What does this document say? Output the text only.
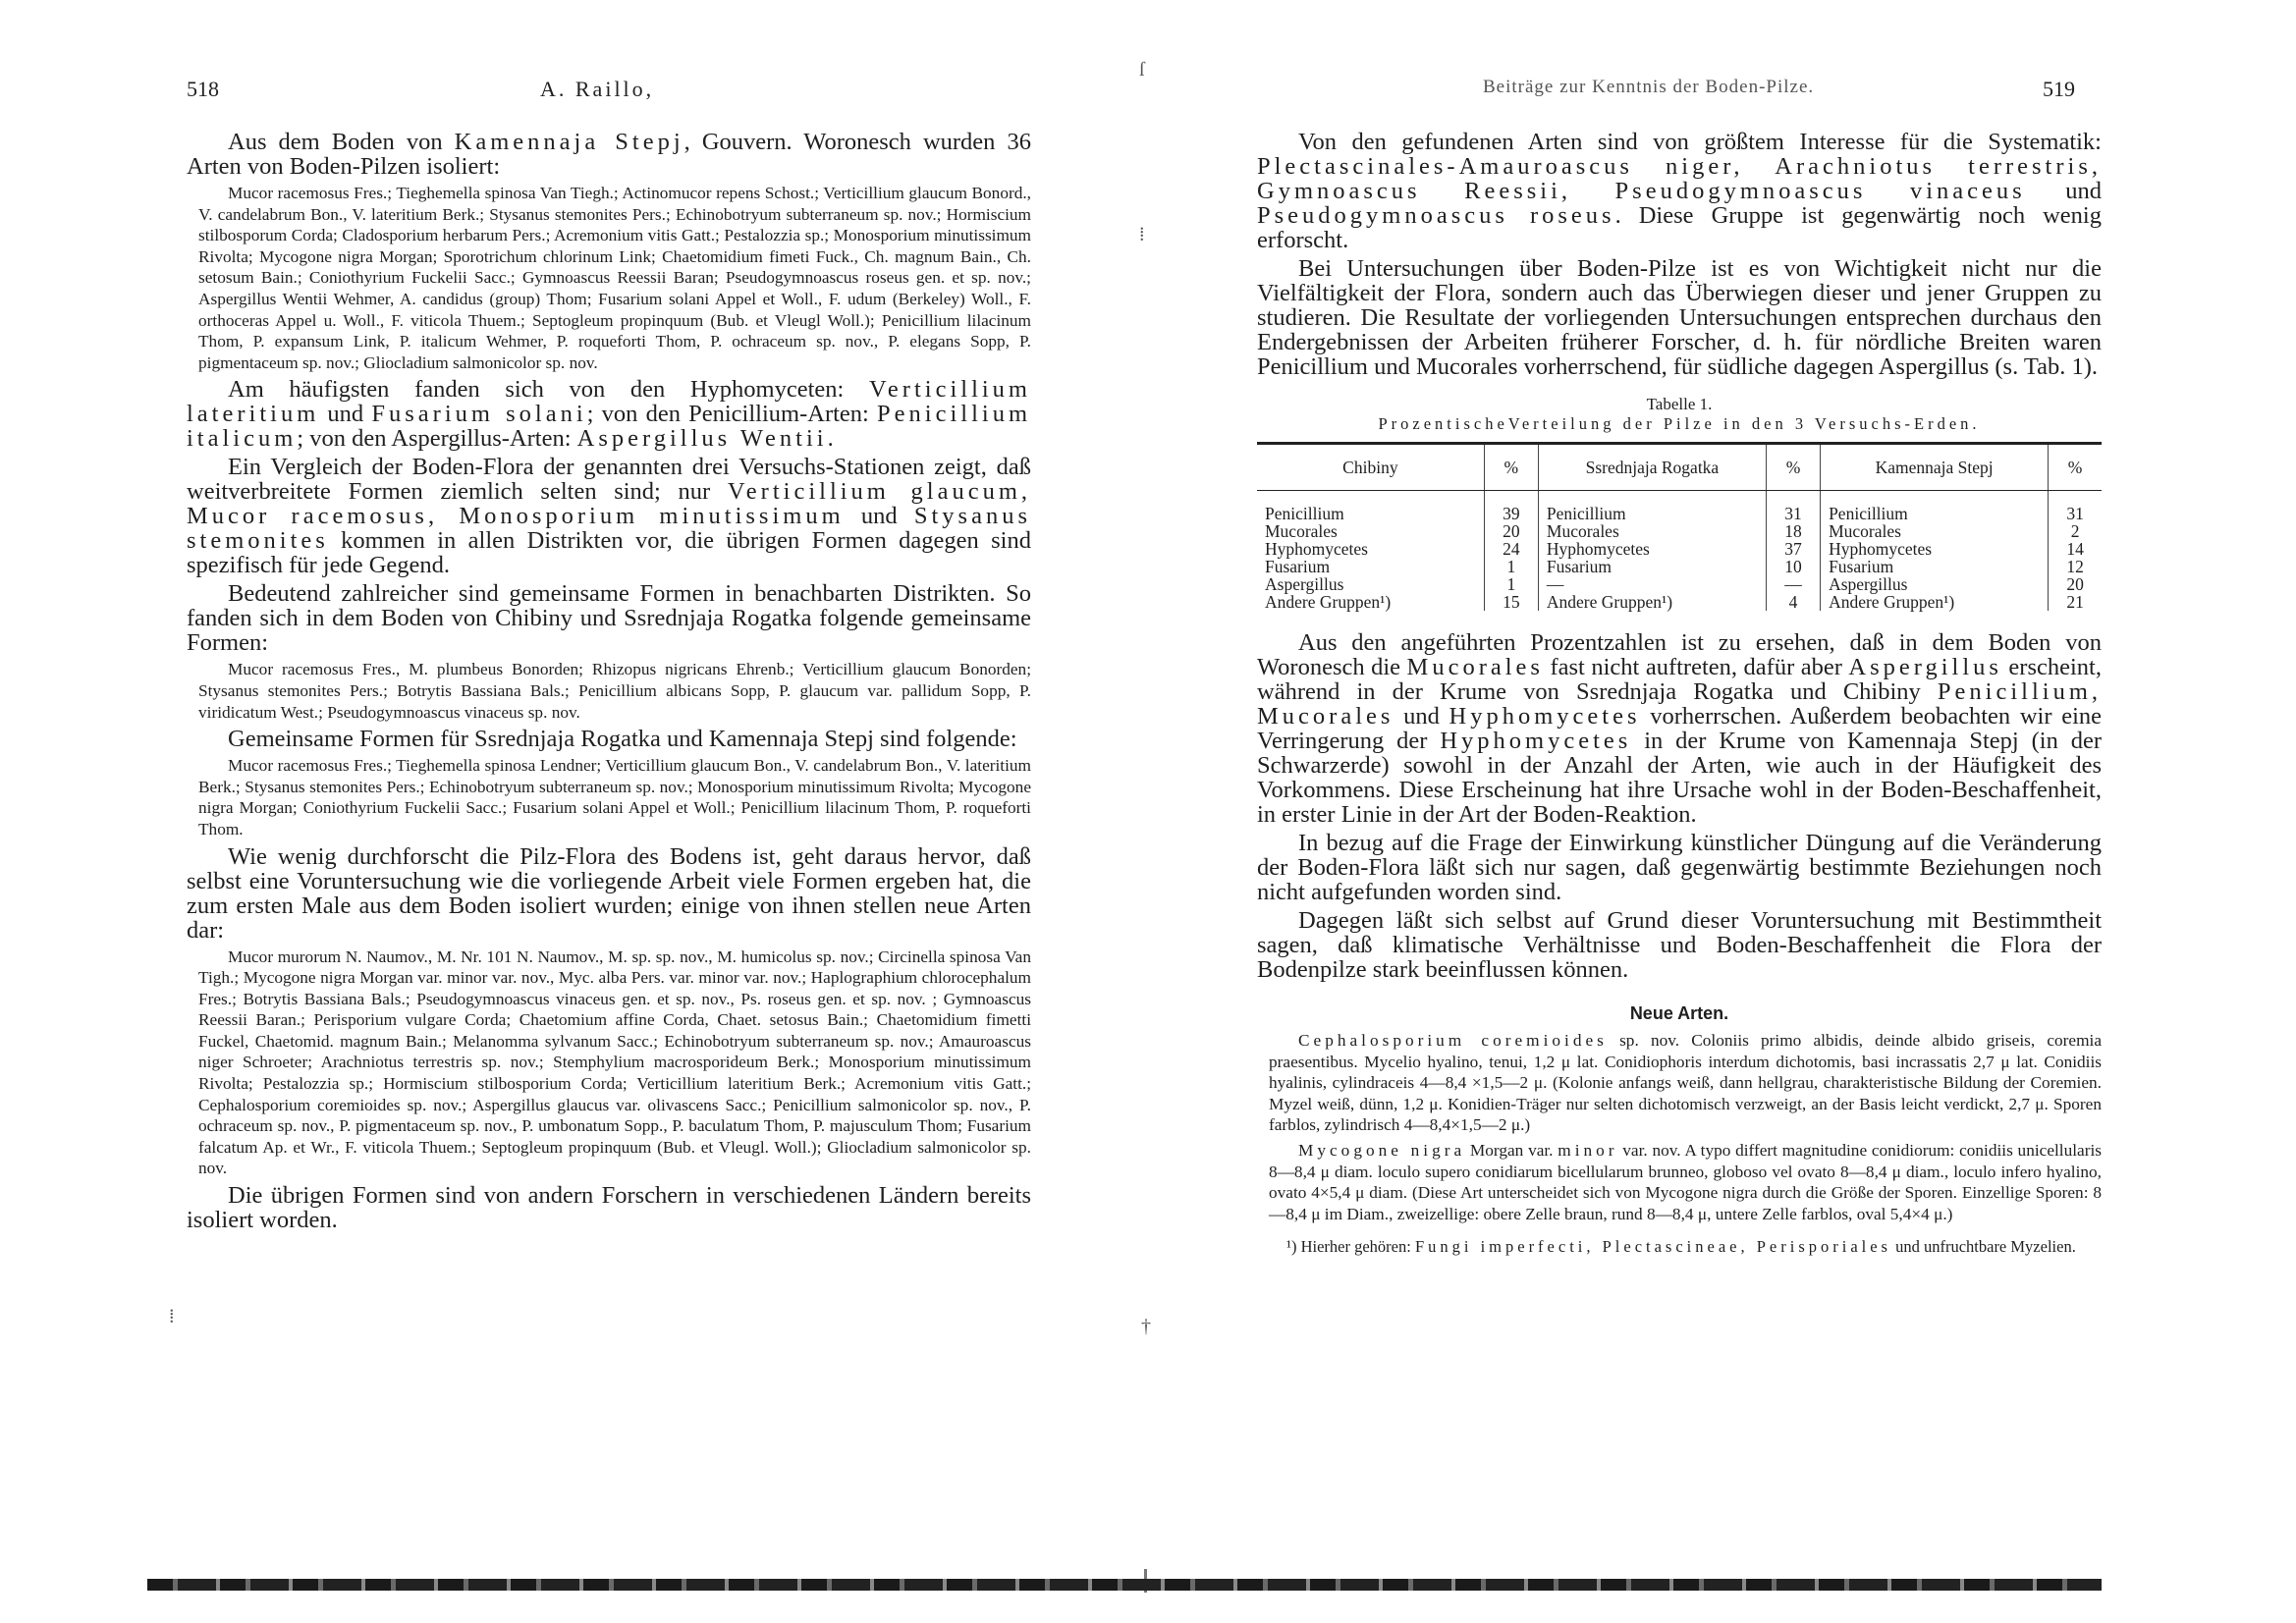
518	A. Raillo,	Beiträge zur Kenntnis der Boden-Pilze.	519

Aus dem Boden von Kamennaja Stepj, Gouvern. Woronesch wurden 36 Arten von Boden-Pilzen isoliert:

Mucor racemosus Fres.; Tieghemella spinosa Van Tiegh.; Actinomucor repens Schost.; Verticillium glaucum Bonord., V. candelabrum Bon., V. lateritium Berk.; Stysanus stemonites Pers.; Echinobotryum subterraneum sp. nov.; Hormiscium stilbosporum Corda; Cladosporium herbarum Pers.; Acremonium vitis Gatt.; Pestalozzia sp.; Monosporium minutissimum Rivolta; Mycogone nigra Morgan; Sporotrichum chlorinum Link; Chaetomidium fimeti Fuck., Ch. magnum Bain., Ch. setosum Bain.; Coniothyrium Fuckelii Sacc.; Gymnoascus Reessii Baran; Pseudogymnoascus roseus gen. et sp. nov.; Aspergillus Wentii Wehmer, A. candidus (group) Thom; Fusarium solani Appel et Woll., F. udum (Berkeley) Woll., F. orthoceras Appel u. Woll., F. viticola Thuem.; Septogleum propinquum (Bub. et Vleugl Woll.); Penicillium lilacinum Thom, P. expansum Link, P. italicum Wehmer, P. roqueforti Thom, P. ochraceum sp. nov., P. elegans Sopp, P. pigmentaceum sp. nov.; Gliocladium salmonicolor sp. nov.

Am häufigsten fanden sich von den Hyphomyceten: Verticillium lateritium und Fusarium solani; von den Penicillium-Arten: Penicillium italicum; von den Aspergillus-Arten: Aspergillus Wentii.

Ein Vergleich der Boden-Flora der genannten drei Versuchs-Stationen zeigt, daß weitverbreitete Formen ziemlich selten sind; nur Verticillium glaucum, Mucor racemosus, Monosporium minutissimum und Stysanus stemonites kommen in allen Distrikten vor, die übrigen Formen dagegen sind spezifisch für jede Gegend.

Bedeutend zahlreicher sind gemeinsame Formen in benachbarten Distrikten. So fanden sich in dem Boden von Chibiny und Ssrednjaja Rogatka folgende gemeinsame Formen:

Mucor racemosus Fres., M. plumbeus Bonorden; Rhizopus nigricans Ehrenb.; Verticillium glaucum Bonorden; Stysanus stemonites Pers.; Botrytis Bassiana Bals.; Penicillium albicans Sopp, P. glaucum var. pallidum Sopp, P. viridicatum West.; Pseudogymnoascus vinaceus sp. nov.

Gemeinsame Formen für Ssrednjaja Rogatka und Kamennaja Stepj sind folgende:

Mucor racemosus Fres.; Tieghemella spinosa Lendner; Verticillium glaucum Bon., V. candelabrum Bon., V. lateritium Berk.; Stysanus stemonites Pers.; Echinobotryum subterraneum sp. nov.; Monosporium minutissimum Rivolta; Mycogone nigra Morgan; Coniothyrium Fuckelii Sacc.; Fusarium solani Appel et Woll.; Penicillium lilacinum Thom, P. roqueforti Thom.

Wie wenig durchforscht die Pilz-Flora des Bodens ist, geht daraus hervor, daß selbst eine Voruntersuchung wie die vorliegende Arbeit viele Formen ergeben hat, die zum ersten Male aus dem Boden isoliert wurden; einige von ihnen stellen neue Arten dar:

Mucor murorum N. Naumov., M. Nr. 101 N. Naumov., M. sp. sp. nov., M. humicolus sp. nov.; Circinella spinosa Van Tigh.; Mycogone nigra Morgan var. minor var. nov., Myc. alba Pers. var. minor var. nov.; Haplographium chlorocephalum Fres.; Botrytis Bassiana Bals.; Pseudogymnoascus vinaceus gen. et sp. nov., Ps. roseus gen. et sp. nov. ; Gymnoascus Reessii Baran.; Perisporium vulgare Corda; Chaetomium affine Corda, Chaet. setosus Bain.; Chaetomidium fimetti Fuckel, Chaetomid. magnum Bain.; Melanomma sylvanum Sacc.; Echinobotryum subterraneum sp. nov.; Amauroascus niger Schroeter; Arachniotus terrestris sp. nov.; Stemphylium macrosporideum Berk.; Monosporium minutissimum Rivolta; Pestalozzia sp.; Hormiscium stilbosporium Corda; Verticillium lateritium Berk.; Acremonium vitis Gatt.; Cephalosporium coremioides sp. nov.; Aspergillus glaucus var. olivascens Sacc.; Penicillium salmonicolor sp. nov., P. ochraceum sp. nov., P. pigmentaceum sp. nov., P. umbonatum Sopp., P. baculatum Thom, P. majusculum Thom; Fusarium falcatum Ap. et Wr., F. viticola Thuem.; Septogleum propinquum (Bub. et Vleugl. Woll.); Gliocladium salmonicolor sp. nov.

Die übrigen Formen sind von andern Forschern in verschiedenen Ländern bereits isoliert worden.

Von den gefundenen Arten sind von größtem Interesse für die Systematik: Plectascinales-Amauroascus niger, Arachniotus terrestris, Gymnoascus Reessii, Pseudogymnoascus vinaceus und Pseudogymnoascus roseus. Diese Gruppe ist gegenwärtig noch wenig erforscht.

Bei Untersuchungen über Boden-Pilze ist es von Wichtigkeit nicht nur die Vielfältigkeit der Flora, sondern auch das Überwiegen dieser und jener Gruppen zu studieren. Die Resultate der vorliegenden Untersuchungen entsprechen durchaus den Endergebnissen der Arbeiten früherer Forscher, d. h. für nördliche Breiten waren Penicillium und Mucorales vorherrschend, für südliche dagegen Aspergillus (s. Tab. 1).

Tabelle 1.
ProzentischeVerteilung der Pilze in den 3 Versuchs-Erden.
Chibiny	%	Ssrednjaja Rogatka	%	Kamennaja Stepj	%
Penicillium	39	Penicillium	31	Penicillium	31
Mucorales	20	Mucorales	18	Mucorales	2
Hyphomycetes	24	Hyphomycetes	37	Hyphomycetes	14
Fusarium	1	Fusarium	10	Fusarium	12
Aspergillus	1	—	—	Aspergillus	20
Andere Gruppen¹)	15	Andere Gruppen¹)	4	Andere Gruppen¹)	21

Aus den angeführten Prozentzahlen ist zu ersehen, daß in dem Boden von Woronesch die Mucorales fast nicht auftreten, dafür aber Aspergillus erscheint, während in der Krume von Ssrednjaja Rogatka und Chibiny Penicillium, Mucorales und Hyphomycetes vorherrschen. Außerdem beobachten wir eine Verringerung der Hyphomycetes in der Krume von Kamennaja Stepj (in der Schwarzerde) sowohl in der Anzahl der Arten, wie auch in der Häufigkeit des Vorkommens. Diese Erscheinung hat ihre Ursache wohl in der Boden-Beschaffenheit, in erster Linie in der Art der Boden-Reaktion.

In bezug auf die Frage der Einwirkung künstlicher Düngung auf die Veränderung der Boden-Flora läßt sich nur sagen, daß gegenwärtig bestimmte Beziehungen noch nicht aufgefunden worden sind.

Dagegen läßt sich selbst auf Grund dieser Voruntersuchung mit Bestimmtheit sagen, daß klimatische Verhältnisse und Boden-Beschaffenheit die Flora der Bodenpilze stark beeinflussen können.

Neue Arten.

Cephalosporium coremioides sp. nov. Coloniis primo albidis, deinde albido griseis, coremia praesentibus. Mycelio hyalino, tenui, 1,2 μ lat. Conidiophoris interdum dichotomis, basi incrassatis 2,7 μ lat. Conidiis hyalinis, cylindraceis 4—8,4 ×1,5—2 μ. (Kolonie anfangs weiß, dann hellgrau, charakteristische Bildung der Coremien. Myzel weiß, dünn, 1,2 μ. Konidien-Träger nur selten dichotomisch verzweigt, an der Basis leicht verdickt, 2,7 μ. Sporen farblos, zylindrisch 4—8,4×1,5—2 μ.)

Mycogone nigra Morgan var. minor var. nov. A typo differt magnitudine conidiorum: conidiis unicellularis 8—8,4 μ diam. loculo supero conidiarum bicellularum brunneo, globoso vel ovato 8—8,4 μ diam., loculo infero hyalino, ovato 4×5,4 μ diam. (Diese Art unterscheidet sich von Mycogone nigra durch die Größe der Sporen. Einzellige Sporen: 8—8,4 μ im Diam., zweizellige: obere Zelle braun, rund 8—8,4 μ, untere Zelle farblos, oval 5,4×4 μ.)

¹) Hierher gehören: Fungi imperfecti, Plectascineae, Perisporiales und unfruchtbare Myzelien.

ſ
⁞
⁞	†
